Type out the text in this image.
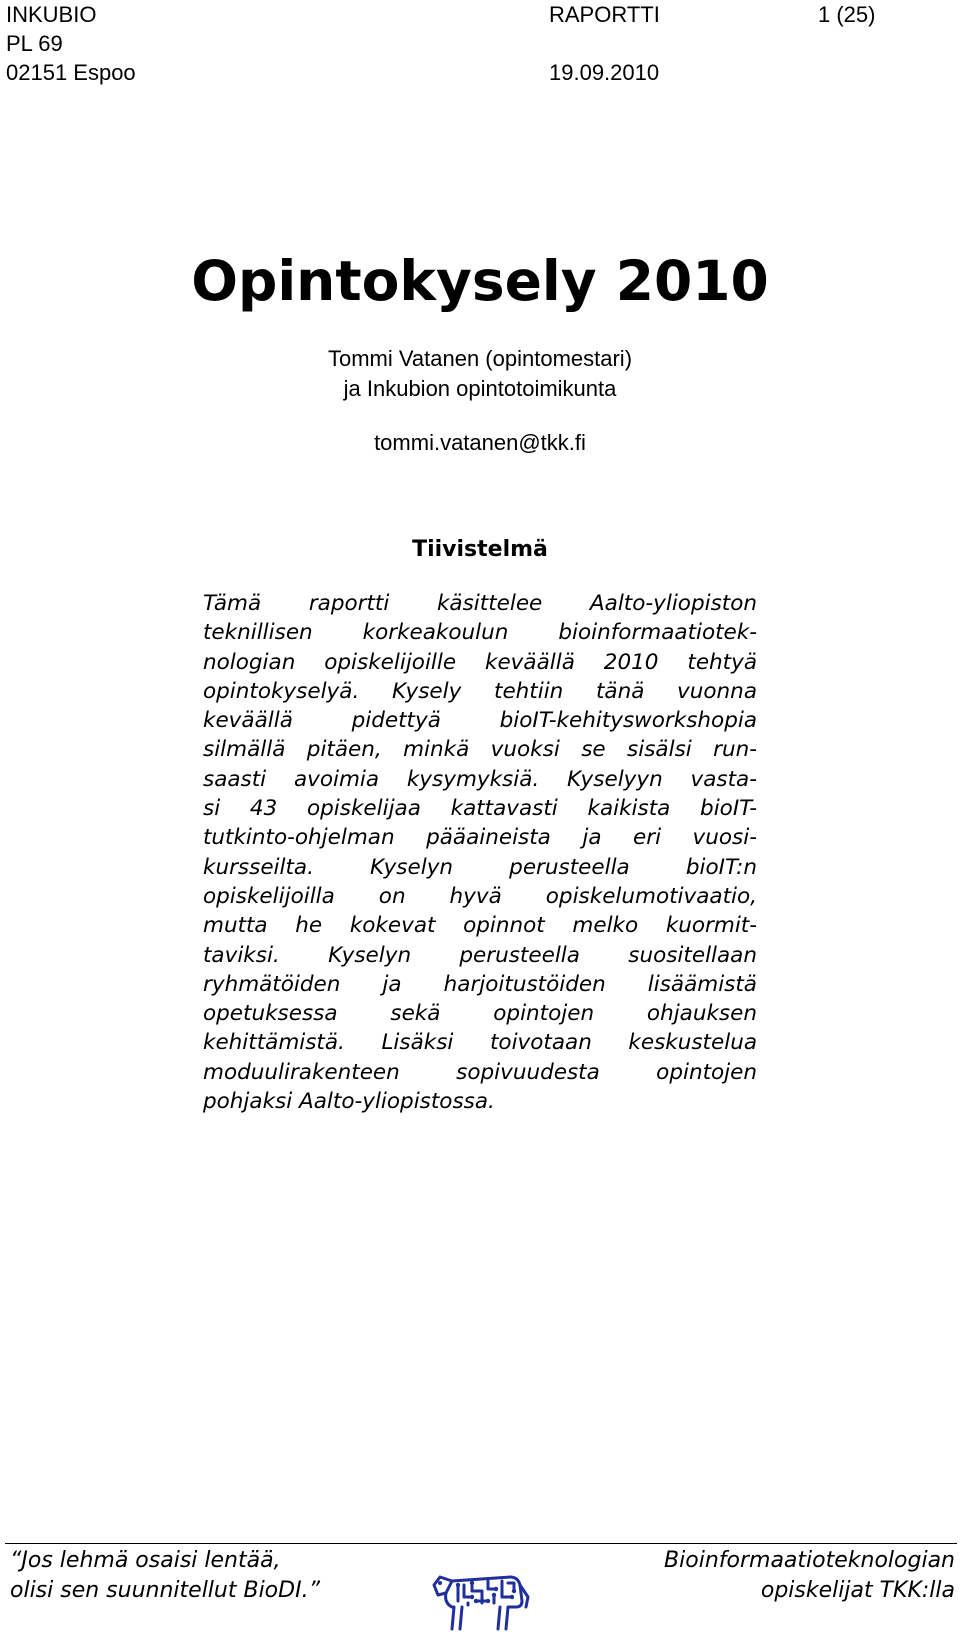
INKUBIO
PL 69
02151 Espoo
RAPORTTI

19.09.2010
1 (25)
Opintokysely 2010
Tommi Vatanen (opintomestari)
ja Inkubion opintotoimikunta
tommi.vatanen@tkk.fi
Tiivistelmä
Tämä raportti käsittelee Aalto-yliopiston
teknillisen korkeakoulun bioinformaatiotek-
nologian opiskelijoille keväällä 2010 tehtyä
opintokyselyä. Kysely tehtiin tänä vuonna
keväällä pidettyä bioIT-kehitysworkshopia
silmällä pitäen, minkä vuoksi se sisälsi run-
saasti avoimia kysymyksiä. Kyselyyn vasta-
si 43 opiskelijaa kattavasti kaikista bioIT-
tutkinto-ohjelman pääaineista ja eri vuosi-
kursseilta. Kyselyn perusteella bioIT:n
opiskelijoilla on hyvä opiskelumotivaatio,
mutta he kokevat opinnot melko kuormit-
taviksi. Kyselyn perusteella suositellaan
ryhmätöiden ja harjoitustöiden lisäämistä
opetuksessa sekä opintojen ohjauksen
kehittämistä. Lisäksi toivotaan keskustelua
moduulirakenteen sopivuudesta opintojen
pohjaksi Aalto-yliopistossa.
“Jos lehmä osaisi lentää,
olisi sen suunnitellut BioDI.”
Bioinformaatioteknologian
opiskelijat TKK:lla
